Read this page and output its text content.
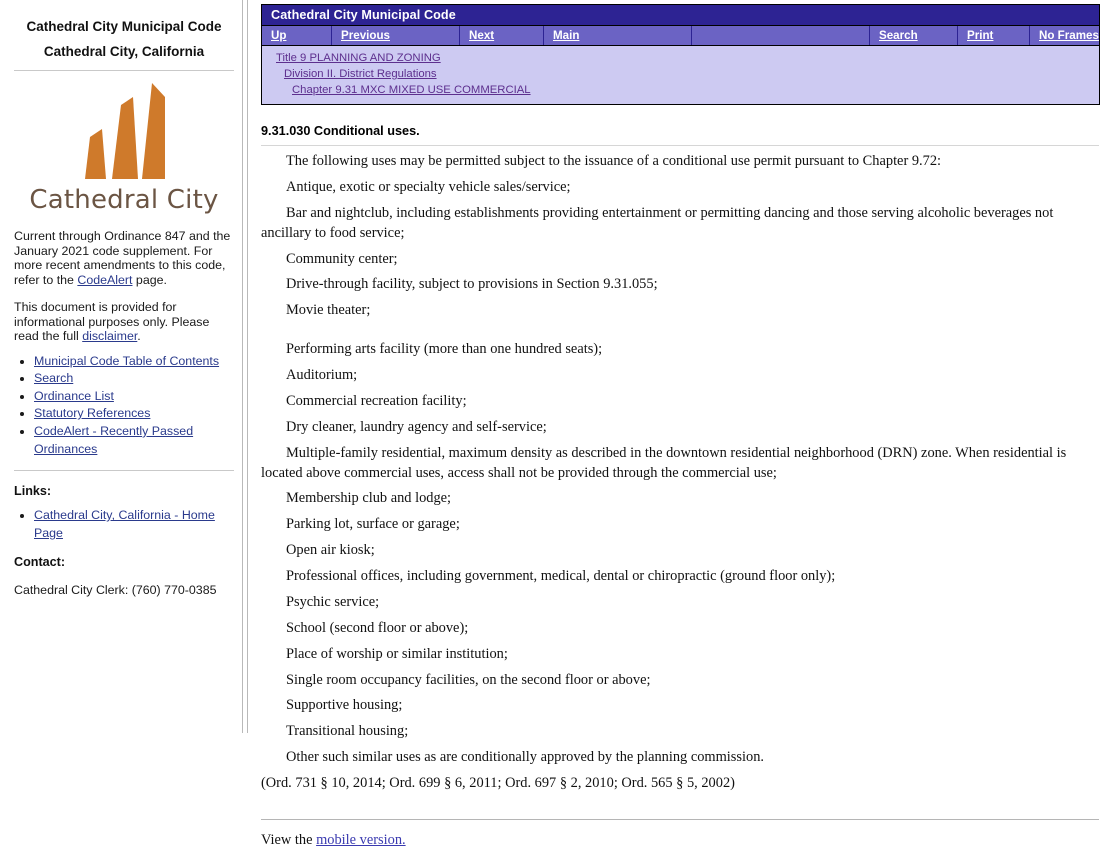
Cathedral City Municipal Code
Cathedral City, California
Cathedral City
Current through Ordinance 847 and the January 2021 code supplement. For more recent amendments to this code, refer to the CodeAlert page.
This document is provided for informational purposes only. Please read the full disclaimer.
• Municipal Code Table of Contents
• Search
• Ordinance List
• Statutory References
• CodeAlert - Recently Passed Ordinances
Links:
• Cathedral City, California - Home Page
Contact:
Cathedral City Clerk: (760) 770-0385
Cathedral City Municipal Code
Up	Previous	Next	Main	Search	Print	No Frames
Title 9 PLANNING AND ZONING
Division II. District Regulations
Chapter 9.31 MXC MIXED USE COMMERCIAL
9.31.030 Conditional uses.

The following uses may be permitted subject to the issuance of a conditional use permit pursuant to Chapter 9.72:

Antique, exotic or specialty vehicle sales/service;

Bar and nightclub, including establishments providing entertainment or permitting dancing and those serving alcoholic beverages not ancillary to food service;

Community center;

Drive-through facility, subject to provisions in Section 9.31.055;

Movie theater;

Performing arts facility (more than one hundred seats);

Auditorium;

Commercial recreation facility;

Dry cleaner, laundry agency and self-service;

Multiple-family residential, maximum density as described in the downtown residential neighborhood (DRN) zone. When residential is located above commercial uses, access shall not be provided through the commercial use;

Membership club and lodge;

Parking lot, surface or garage;

Open air kiosk;

Professional offices, including government, medical, dental or chiropractic (ground floor only);

Psychic service;

School (second floor or above);

Place of worship or similar institution;

Single room occupancy facilities, on the second floor or above;

Supportive housing;

Transitional housing;

Other such similar uses as are conditionally approved by the planning commission.

(Ord. 731 § 10, 2014; Ord. 699 § 6, 2011; Ord. 697 § 2, 2010; Ord. 565 § 5, 2002)

View the mobile version.
